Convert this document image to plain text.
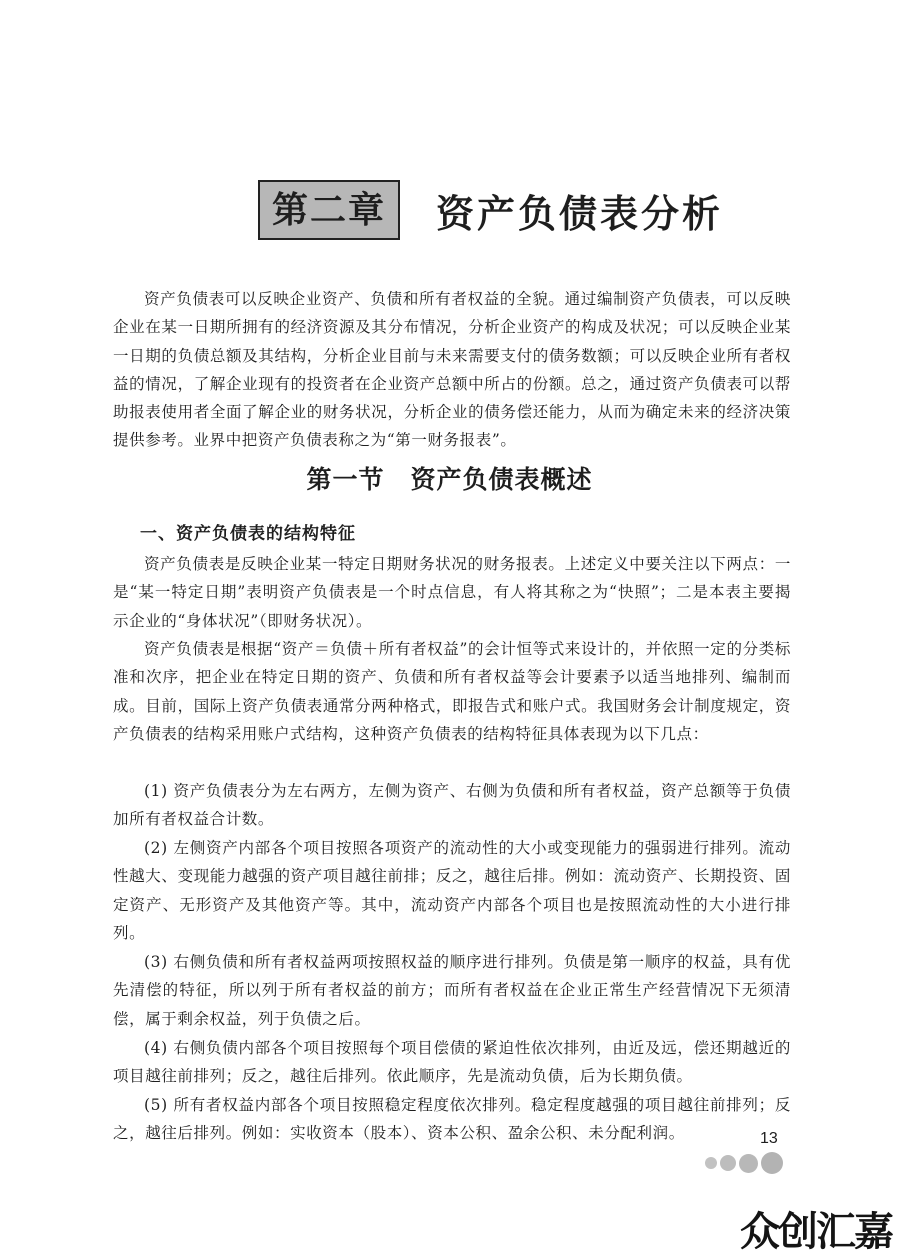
第二章	资产负债表分析

资产负债表可以反映企业资产、负债和所有者权益的全貌。通过编制资产负债表，可以反映企业在某一日期所拥有的经济资源及其分布情况，分析企业资产的构成及状况；可以反映企业某一日期的负债总额及其结构，分析企业目前与未来需要支付的债务数额；可以反映企业所有者权益的情况，了解企业现有的投资者在企业资产总额中所占的份额。总之，通过资产负债表可以帮助报表使用者全面了解企业的财务状况，分析企业的债务偿还能力，从而为确定未来的经济决策提供参考。业界中把资产负债表称之为“第一财务报表”。

第一节　资产负债表概述
一、资产负债表的结构特征

资产负债表是反映企业某一特定日期财务状况的财务报表。上述定义中要关注以下两点：一是“某一特定日期”表明资产负债表是一个时点信息，有人将其称之为“快照”；二是本表主要揭示企业的“身体状况”（即财务状况）。

资产负债表是根据“资产＝负债＋所有者权益”的会计恒等式来设计的，并依照一定的分类标准和次序，把企业在特定日期的资产、负债和所有者权益等会计要素予以适当地排列、编制而成。目前，国际上资产负债表通常分两种格式，即报告式和账户式。我国财务会计制度规定，资产负债表的结构采用账户式结构，这种资产负债表的结构特征具体表现为以下几点：

(1) 资产负债表分为左右两方，左侧为资产、右侧为负债和所有者权益，资产总额等于负债加所有者权益合计数。

(2) 左侧资产内部各个项目按照各项资产的流动性的大小或变现能力的强弱进行排列。流动性越大、变现能力越强的资产项目越往前排；反之，越往后排。例如：流动资产、长期投资、固定资产、无形资产及其他资产等。其中，流动资产内部各个项目也是按照流动性的大小进行排列。

(3) 右侧负债和所有者权益两项按照权益的顺序进行排列。负债是第一顺序的权益，具有优先清偿的特征，所以列于所有者权益的前方；而所有者权益在企业正常生产经营情况下无须清偿，属于剩余权益，列于负债之后。

(4) 右侧负债内部各个项目按照每个项目偿债的紧迫性依次排列，由近及远，偿还期越近的项目越往前排列；反之，越往后排列。依此顺序，先是流动负债，后为长期负债。

(5) 所有者权益内部各个项目按照稳定程度依次排列。稳定程度越强的项目越往前排列；反之，越往后排列。例如：实收资本（股本）、资本公积、盈余公积、未分配利润。	13
众创汇嘉
